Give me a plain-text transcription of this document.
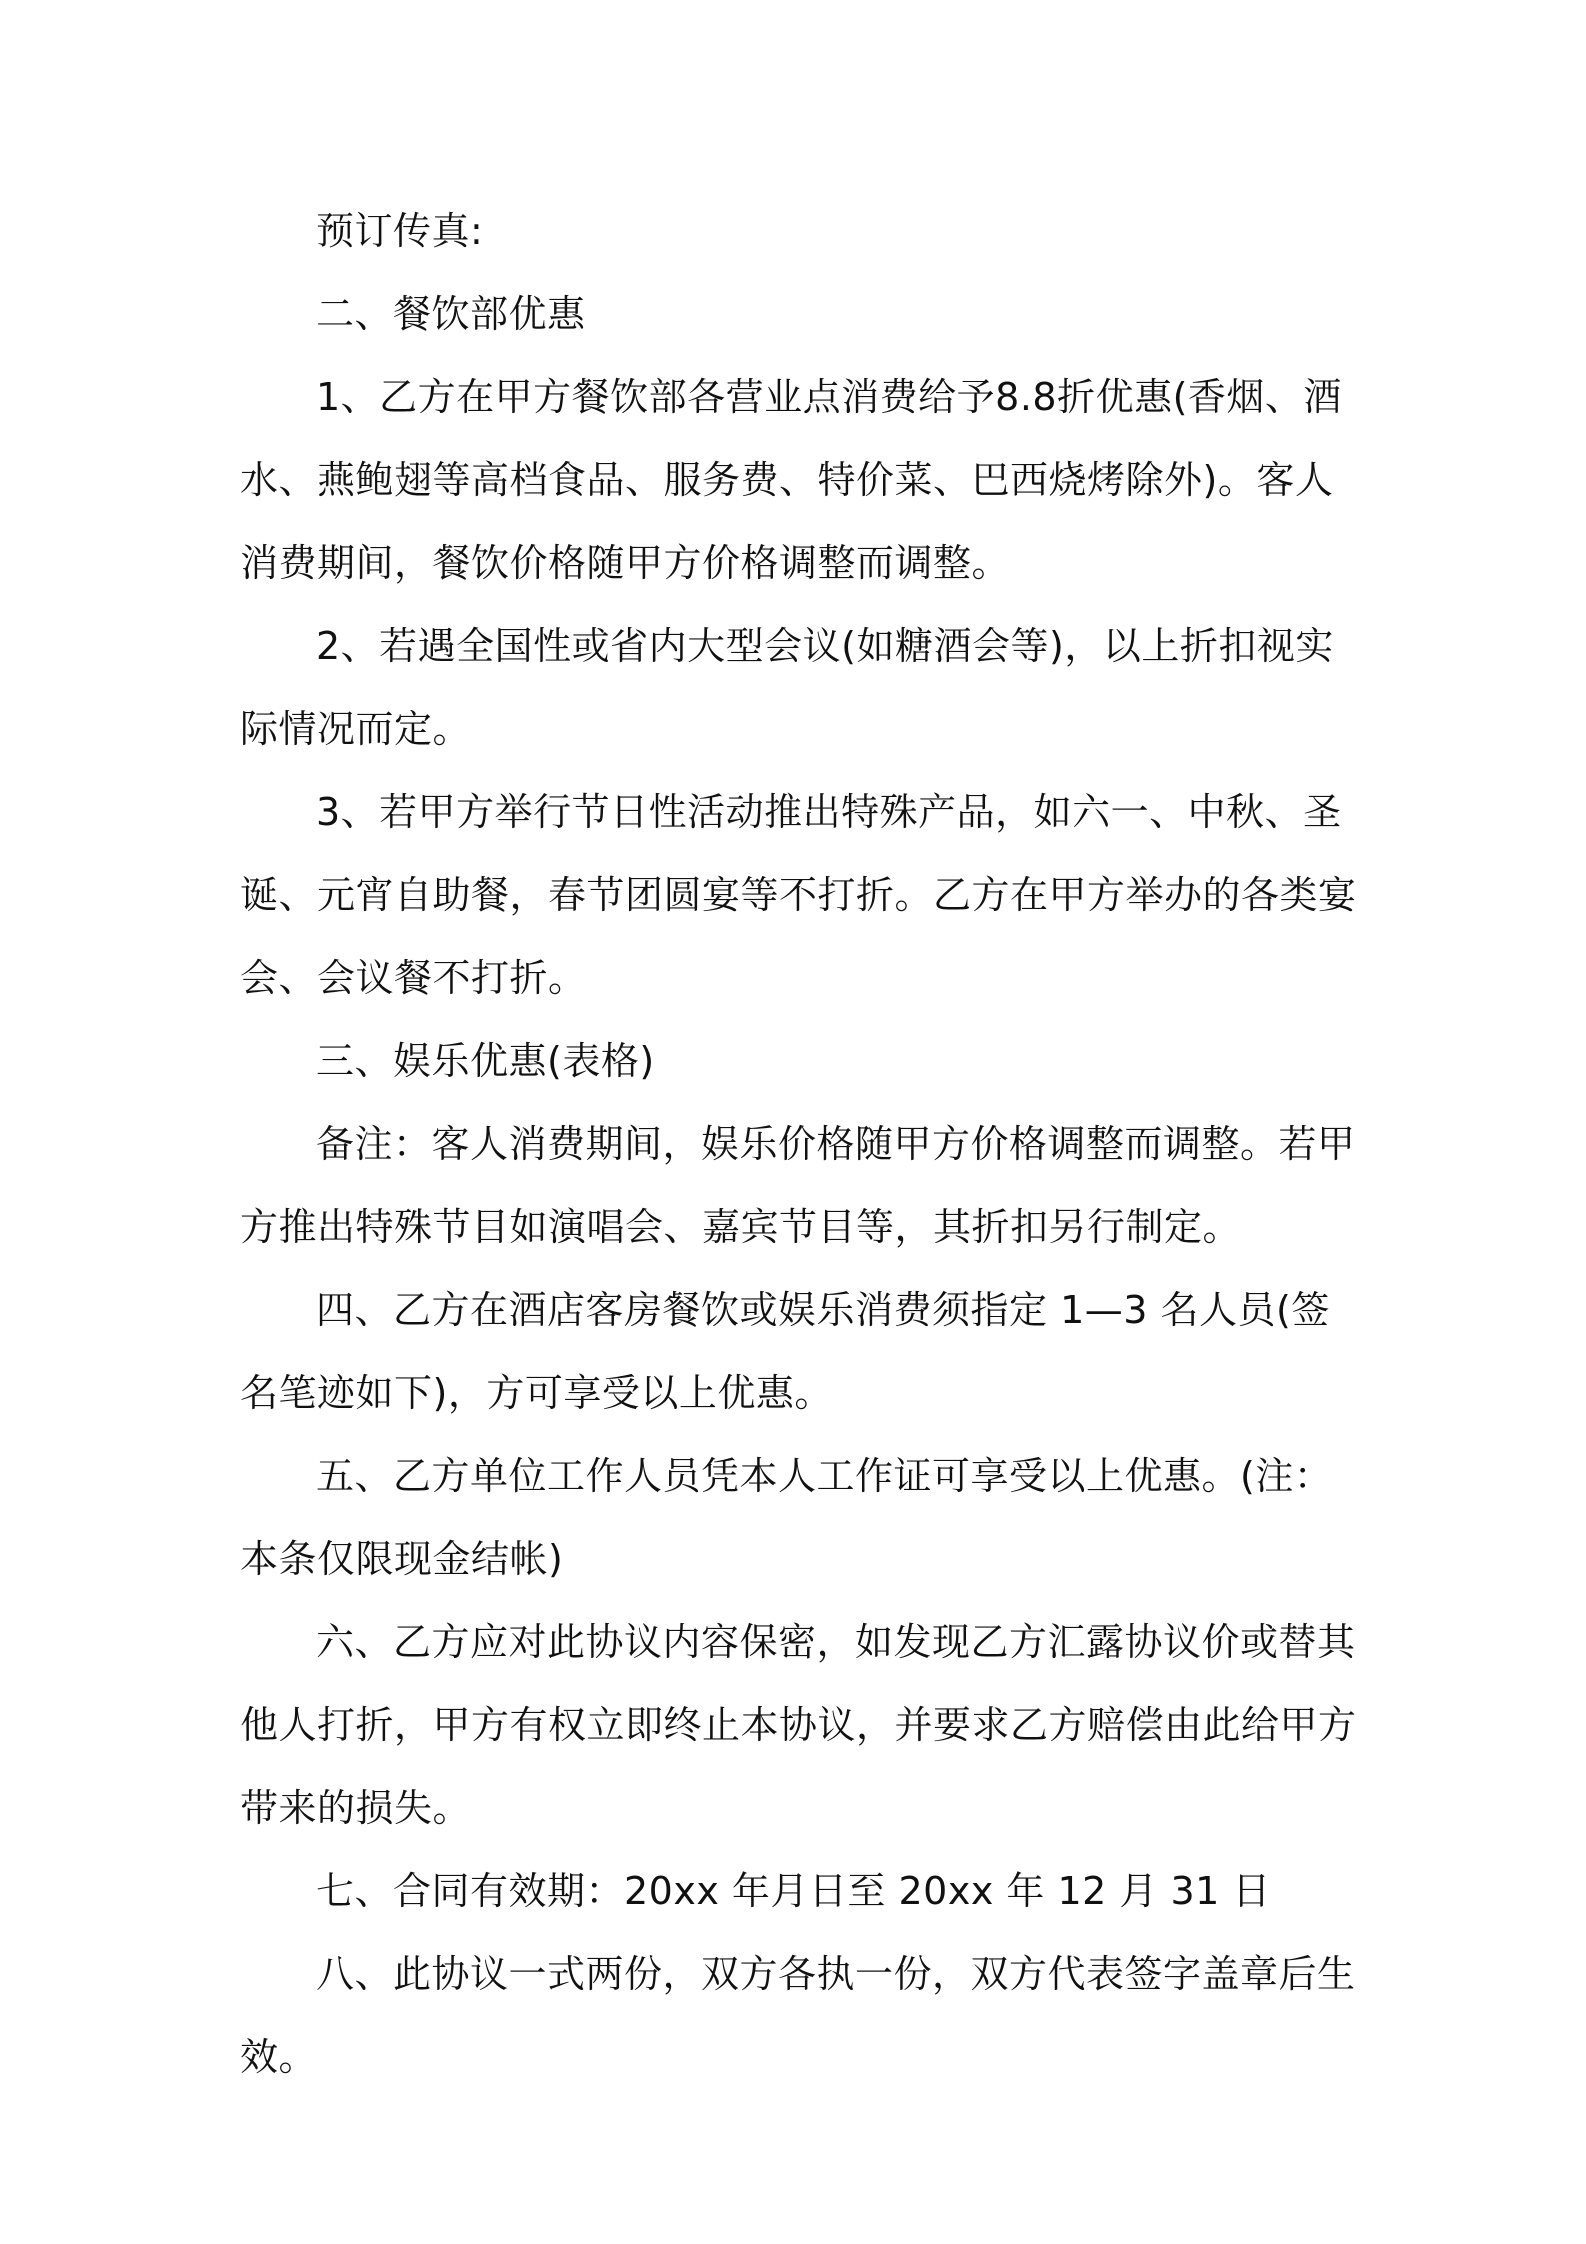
预订传真:

二、餐饮部优惠

1、乙方在甲方餐饮部各营业点消费给予8.8折优惠(香烟、酒水、燕鲍翅等高档食品、服务费、特价菜、巴西烧烤除外)。客人消费期间，餐饮价格随甲方价格调整而调整。

2、若遇全国性或省内大型会议(如糖酒会等)，以上折扣视实际情况而定。

3、若甲方举行节日性活动推出特殊产品，如六一、中秋、圣诞、元宵自助餐，春节团圆宴等不打折。乙方在甲方举办的各类宴会、会议餐不打折。

三、娱乐优惠(表格)

备注：客人消费期间，娱乐价格随甲方价格调整而调整。若甲方推出特殊节目如演唱会、嘉宾节目等，其折扣另行制定。

四、乙方在酒店客房餐饮或娱乐消费须指定 1—3 名人员(签名笔迹如下)，方可享受以上优惠。

五、乙方单位工作人员凭本人工作证可享受以上优惠。(注：本条仅限现金结帐)

六、乙方应对此协议内容保密，如发现乙方汇露协议价或替其他人打折，甲方有权立即终止本协议，并要求乙方赔偿由此给甲方带来的损失。

七、合同有效期：20xx 年月日至 20xx 年 12 月 31 日

八、此协议一式两份，双方各执一份，双方代表签字盖章后生效。
